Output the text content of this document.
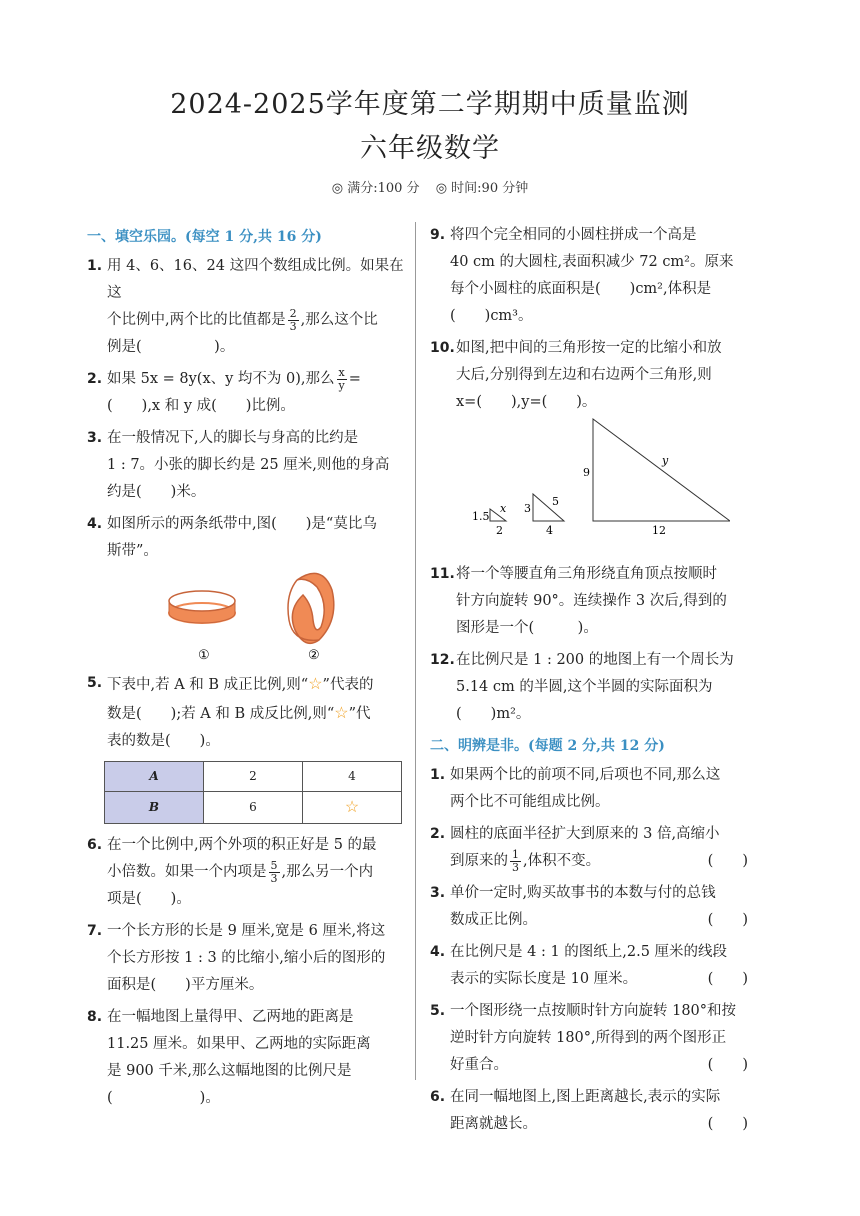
2024-2025学年度第二学期期中质量监测
六年级数学
◎ 满分:100 分 ◎ 时间:90 分钟
一、填空乐园。(每空 1 分,共 16 分)
1. 用 4、6、16、24 这四个数组成比例。如果在这

个比例中,两个比的比值都是 $\frac{2}{3}$ ,那么这个比

例是(　　　　　)。

2. 如果 5x = 8y(x、y 均不为 0),那么 $\frac{x}{y}$ =

(　　),x 和 y 成(　　)比例。

3. 在一般情况下,人的脚长与身高的比约是

1 : 7。小张的脚长约是 25 厘米,则他的身高

约是(　　)米。

4. 如图所示的两条纸带中,图(　　)是“莫比乌

斯带”。

①	②
5. 下表中,若 A 和 B 成正比例,则“☆”代表的

数是(　　);若 A 和 B 成反比例,则“☆”代

表的数是(　　)。

A	2	4
B	6	☆
6. 在一个比例中,两个外项的积正好是 5 的最

小倍数。如果一个内项是 $\frac{5}{3}$ ,那么另一个内

项是(　　)。

7. 一个长方形的长是 9 厘米,宽是 6 厘米,将这

个长方形按 1 : 3 的比缩小,缩小后的图形的

面积是(　　)平方厘米。

8. 在一幅地图上量得甲、乙两地的距离是

11.25 厘米。如果甲、乙两地的实际距离

是 900 千米,那么这幅地图的比例尺是

(　　　　　　)。

9. 将四个完全相同的小圆柱拼成一个高是

40 cm 的大圆柱,表面积减少 72 cm²。原来

每个小圆柱的底面积是(　　)cm²,体积是

(　　)cm³。

10. 如图,把中间的三角形按一定的比缩小和放

大后,分别得到左边和右边两个三角形,则

x=(　　),y=(　　)。

1.5
x
2
3
5
4
9
y
12
11. 将一个等腰直角三角形绕直角顶点按顺时

针方向旋转 90°。连续操作 3 次后,得到的

图形是一个(　　　)。

12. 在比例尺是 1 : 200 的地图上有一个周长为

5.14 cm 的半圆,这个半圆的实际面积为

(　　)m²。

二、明辨是非。(每题 2 分,共 12 分)
1. 如果两个比的前项不同,后项也不同,那么这

两个比不可能组成比例。

2. 圆柱的底面半径扩大到原来的 3 倍,高缩小

到原来的 $\frac{1}{3}$ ,体积不变。	(　　)

3. 单价一定时,购买故事书的本数与付的总钱

数成正比例。	(　　)

4. 在比例尺是 4 : 1 的图纸上,2.5 厘米的线段

表示的实际长度是 10 厘米。	(　　)

5. 一个图形绕一点按顺时针方向旋转 180°和按

逆时针方向旋转 180°,所得到的两个图形正

好重合。	(　　)

6. 在同一幅地图上,图上距离越长,表示的实际

距离就越长。	(　　)
